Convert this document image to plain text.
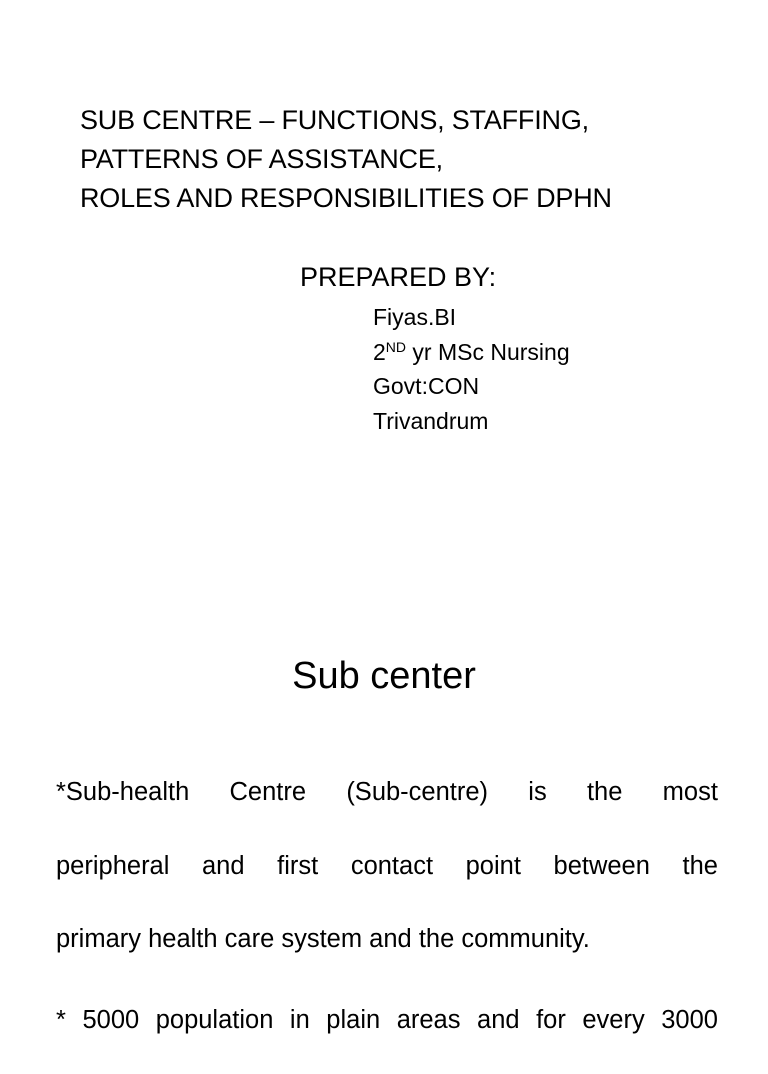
SUB CENTRE – FUNCTIONS, STAFFING,
PATTERNS OF ASSISTANCE,
ROLES AND RESPONSIBILITIES OF DPHN
PREPARED BY:
Fiyas.BI
2ND yr MSc Nursing
Govt:CON
Trivandrum
Sub center
*Sub-health Centre (Sub-centre) is the most
peripheral and first contact point between the
primary health care system and the community.
* 5000 population in plain areas and for every 3000
